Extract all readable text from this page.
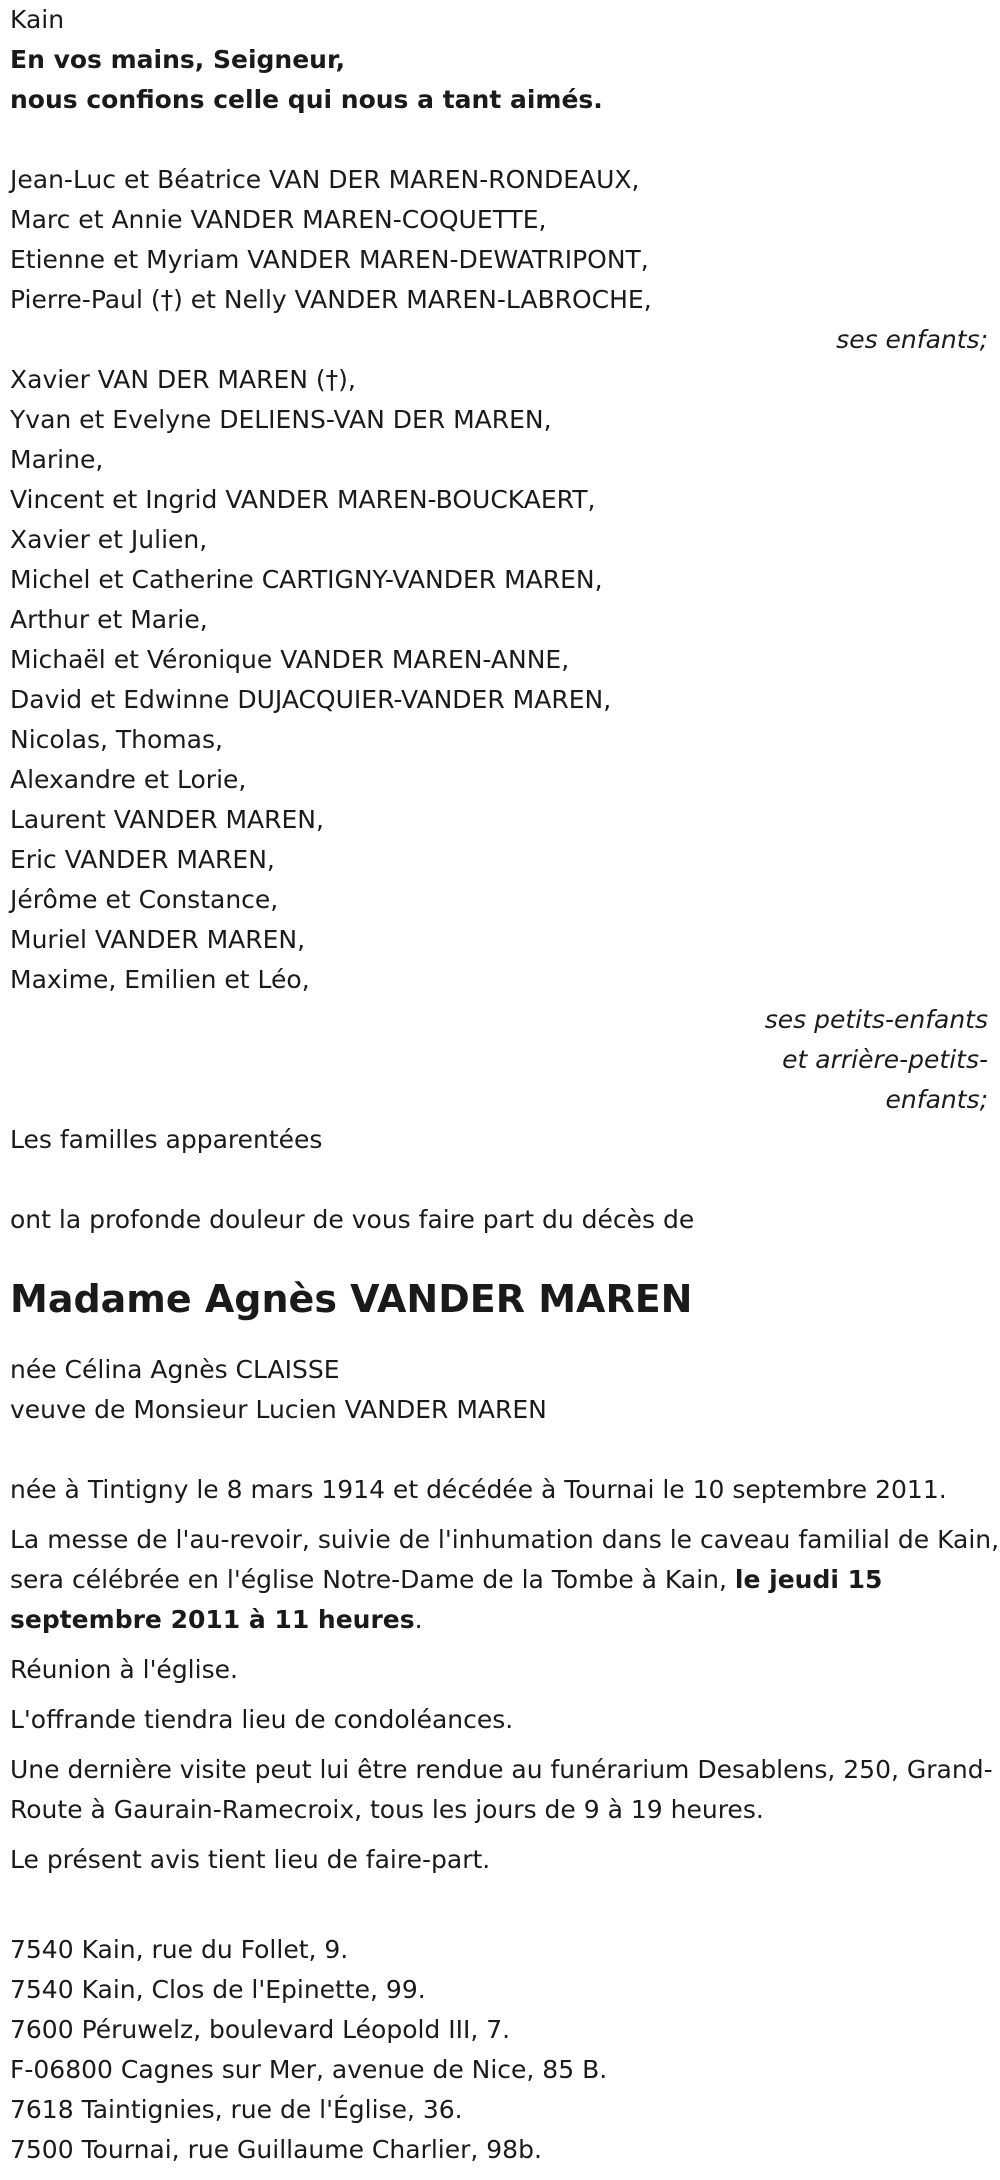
Kain
En vos mains, Seigneur,
nous confions celle qui nous a tant aimés.
Jean-Luc et Béatrice VAN DER MAREN-RONDEAUX,
Marc et Annie VANDER MAREN-COQUETTE,
Etienne et Myriam VANDER MAREN-DEWATRIPONT,
Pierre-Paul (†) et Nelly VANDER MAREN-LABROCHE,
ses enfants;
Xavier VAN DER MAREN (†),
Yvan et Evelyne DELIENS-VAN DER MAREN,
Marine,
Vincent et Ingrid VANDER MAREN-BOUCKAERT,
Xavier et Julien,
Michel et Catherine CARTIGNY-VANDER MAREN,
Arthur et Marie,
Michaël et Véronique VANDER MAREN-ANNE,
David et Edwinne DUJACQUIER-VANDER MAREN,
Nicolas, Thomas,
Alexandre et Lorie,
Laurent VANDER MAREN,
Eric VANDER MAREN,
Jérôme et Constance,
Muriel VANDER MAREN,
Maxime, Emilien et Léo,
ses petits-enfants
et arrière-petits-
enfants;
Les familles apparentées
ont la profonde douleur de vous faire part du décès de
Madame Agnès VANDER MAREN
née Célina Agnès CLAISSE
veuve de Monsieur Lucien VANDER MAREN
née à Tintigny le 8 mars 1914 et décédée à Tournai le 10 septembre 2011.
La messe de l'au-revoir, suivie de l'inhumation dans le caveau familial de Kain, sera célébrée en l'église Notre-Dame de la Tombe à Kain, le jeudi 15 septembre 2011 à 11 heures.
Réunion à l'église.
L'offrande tiendra lieu de condoléances.
Une dernière visite peut lui être rendue au funérarium Desablens, 250, Grand-Route à Gaurain-Ramecroix, tous les jours de 9 à 19 heures.
Le présent avis tient lieu de faire-part.
7540 Kain, rue du Follet, 9.
7540 Kain, Clos de l'Epinette, 99.
7600 Péruwelz, boulevard Léopold III, 7.
F-06800 Cagnes sur Mer, avenue de Nice, 85 B.
7618 Taintignies, rue de l'Église, 36.
7500 Tournai, rue Guillaume Charlier, 98b.
